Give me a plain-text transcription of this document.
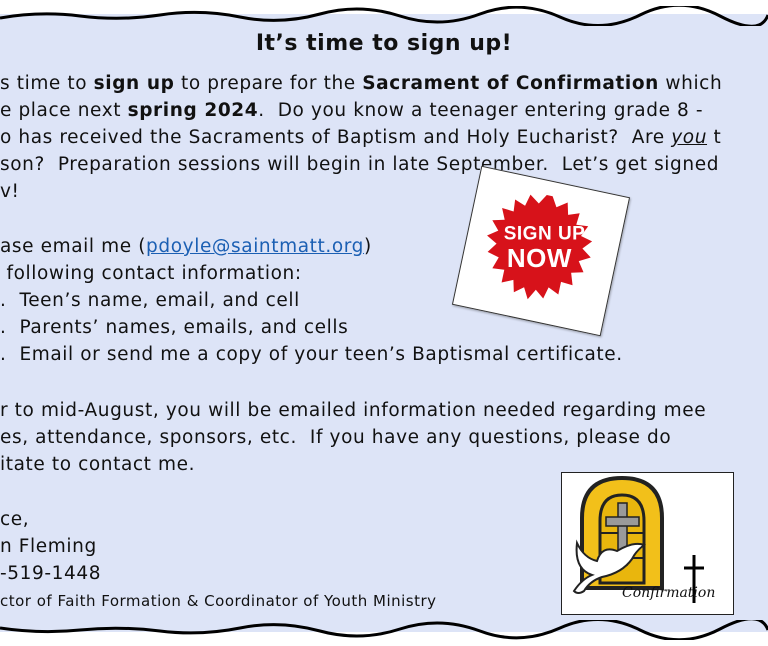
It’s time to sign up!
s time to sign up to prepare for the Sacrament of Confirmation which
e place next spring 2024.  Do you know a teenager entering grade 8 -
o has received the Sacraments of Baptism and Holy Eucharist?  Are you t
son?  Preparation sessions will begin in late September.  Let’s get signed
v!
ase email me (pdoyle@saintmatt.org)
following contact information:
.  Teen’s name, email, and cell
.  Parents’ names, emails, and cells
.  Email or send me a copy of your teen’s Baptismal certificate.
r to mid-August, you will be emailed information needed regarding mee
es, attendance, sponsors, etc.  If you have any questions, please do
itate to contact me.
ce,
n Fleming
-519-1448
ctor of Faith Formation & Coordinator of Youth Ministry
SIGN UP
NOW
Confirmation
